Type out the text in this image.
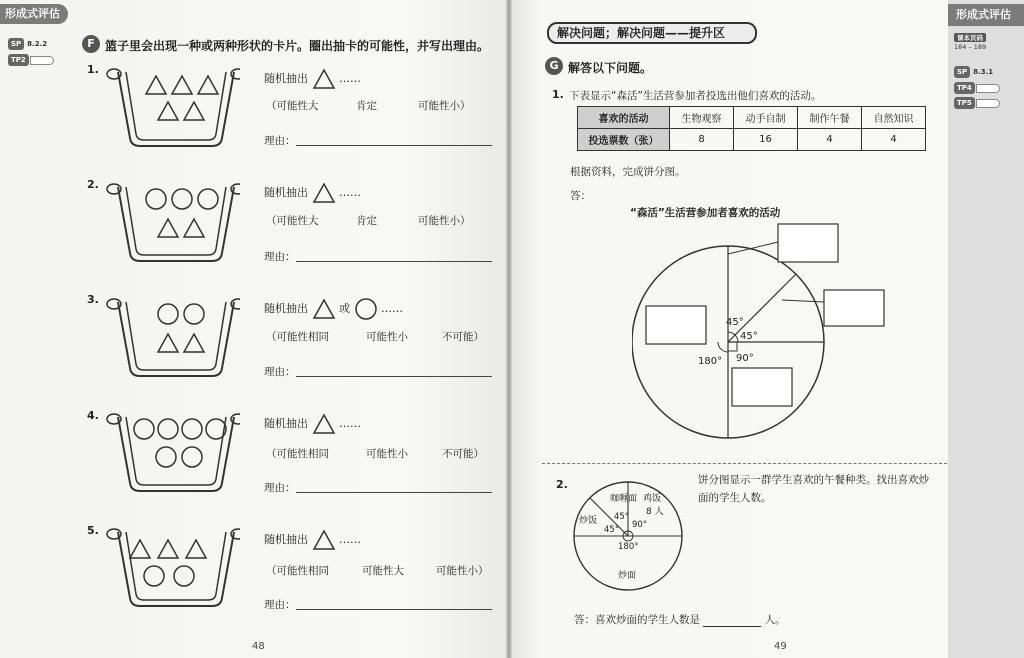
形成式评估
SP 8.2.2
TP2
F 篮子里会出现一种或两种形状的卡片。圈出抽卡的可能性，并写出理由。
1.
随机抽出	……
（可能性大	肯定	可能性小）
理由：
2.
随机抽出	……
（可能性大	肯定	可能性小）
理由：
3.
随机抽出	或	……
（可能性相同	可能性小	不可能）
理由：
4.
随机抽出	……
（可能性相同	可能性小	不可能）
理由：
5.
随机抽出	……
（可能性相同	可能性大	可能性小）
理由：
48
形成式评估
课本页码
184 – 189
SP 8.3.1
TP4
TP5
解决问题；解决问题——提升区
G 解答以下问题。
1. 下表显示“森活”生活营参加者投选出他们喜欢的活动。
喜欢的活动	生物观察	动手自制	制作午餐	自然知识
投选票数（张）	8	16	4	4
根据资料，完成饼分图。
答：
“森活”生活营参加者喜欢的活动
45°
45°
90°
180°
2.
咖喱面 鸡饭
8 人
炒饭
炒面
45°
45° 90°
180°
饼分图显示一群学生喜欢的午餐种类。找出喜欢炒
面的学生人数。
答：喜欢炒面的学生人数是	人。
49
